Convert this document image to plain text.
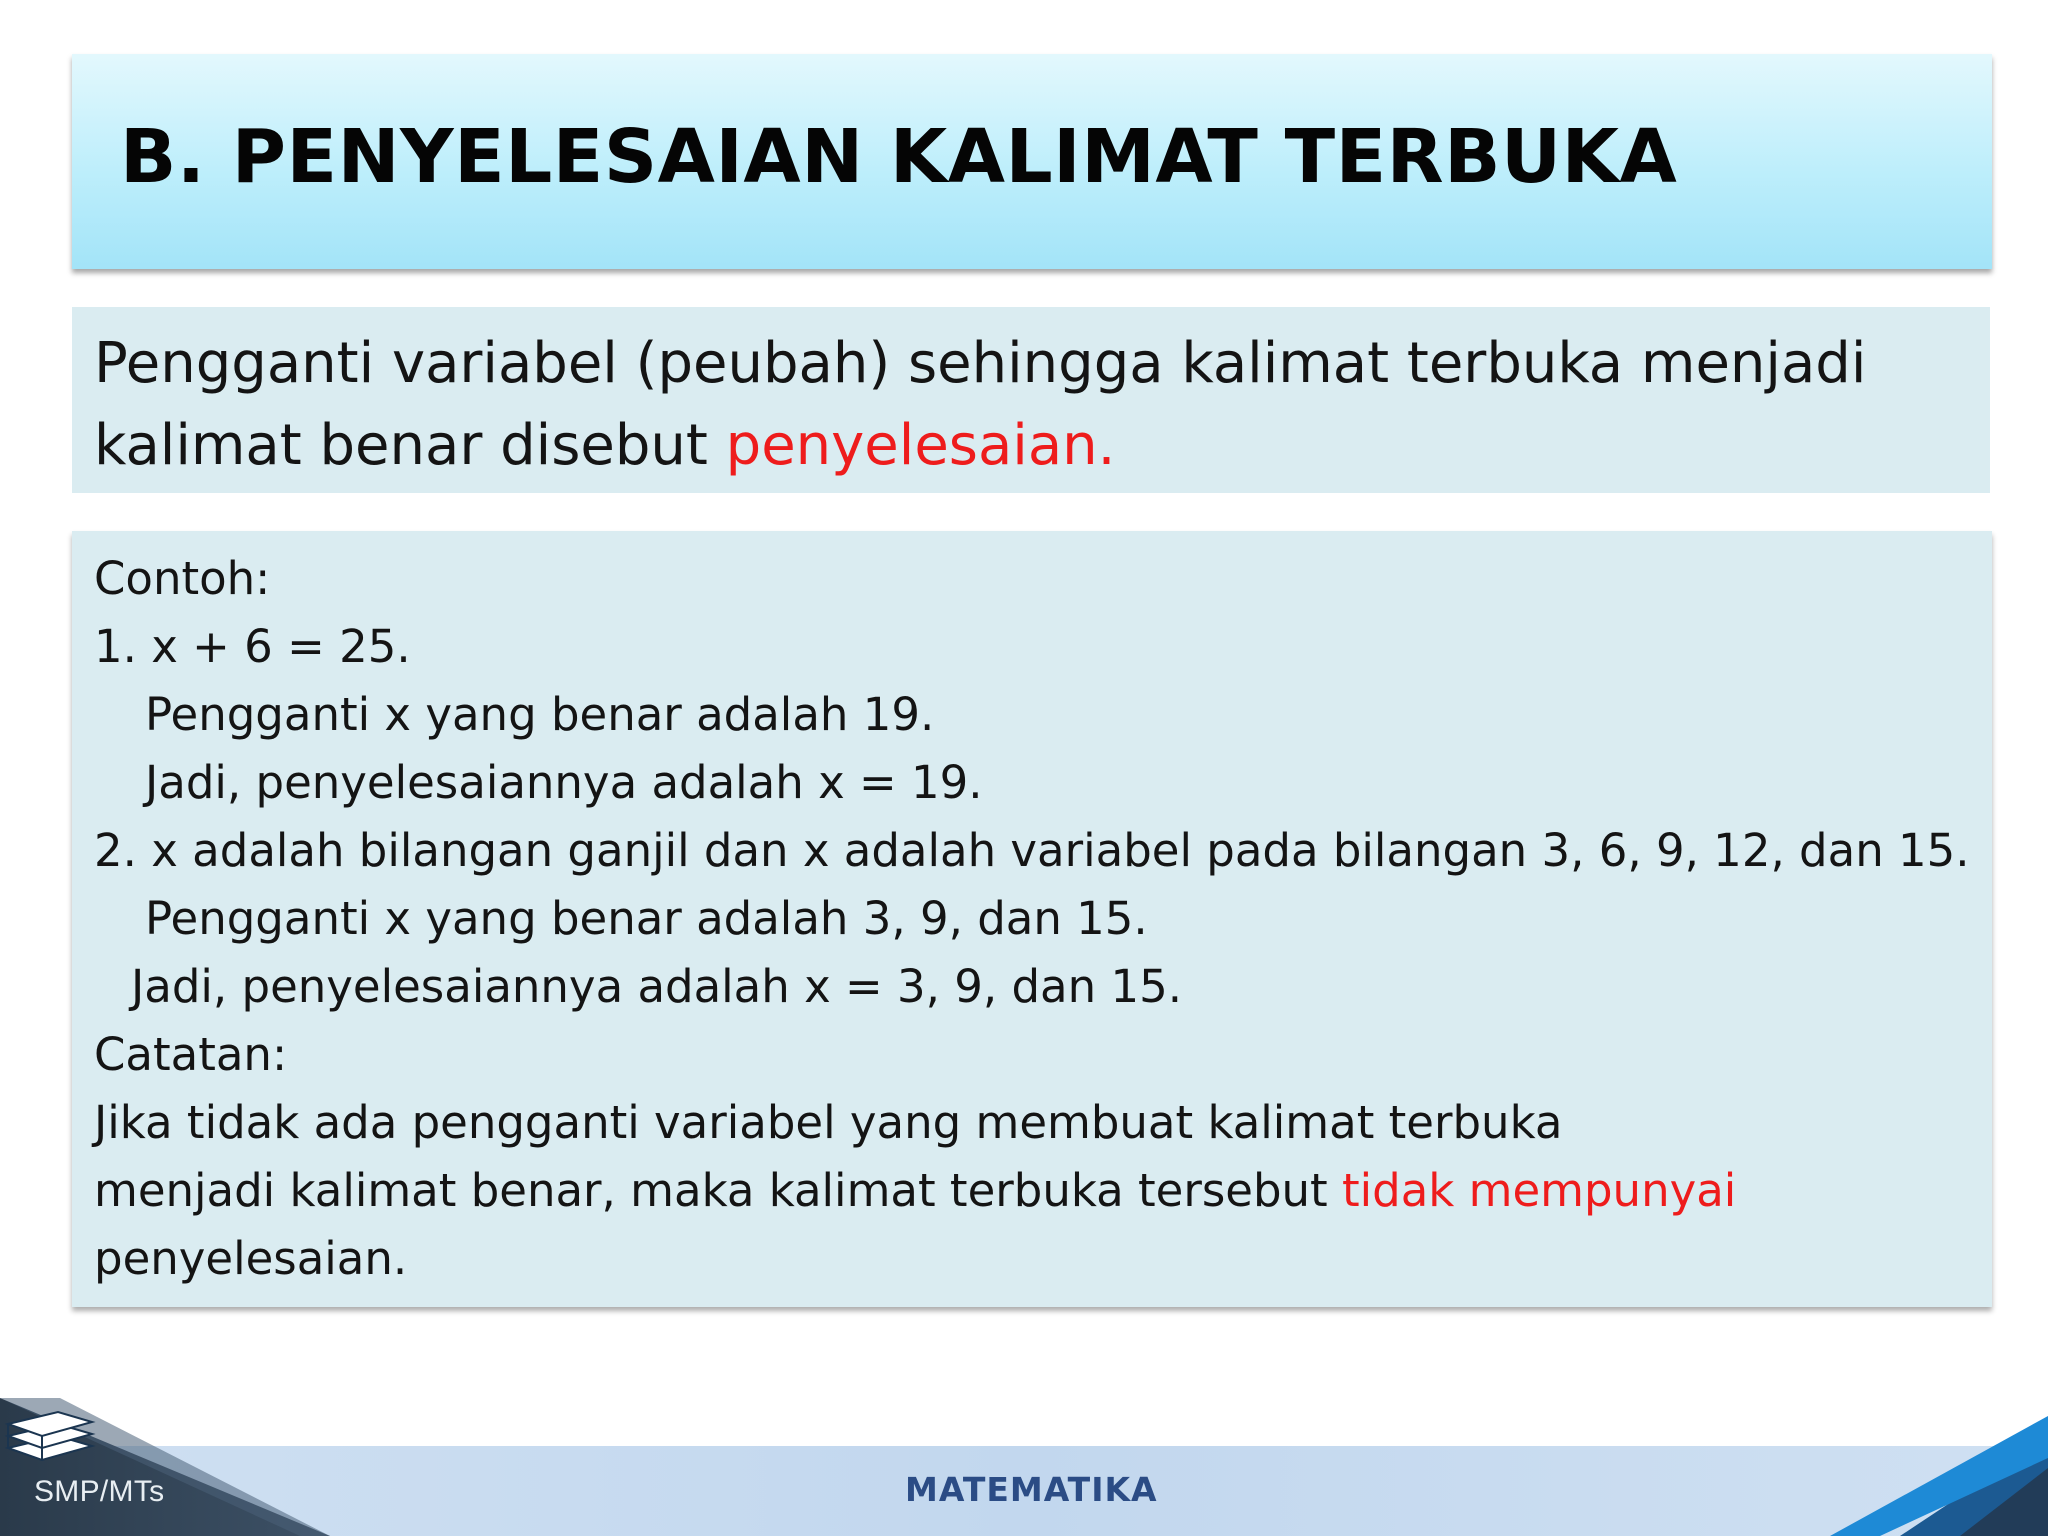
B. PENYELESAIAN KALIMAT TERBUKA

Pengganti variabel (peubah) sehingga kalimat terbuka menjadi

kalimat benar disebut penyelesaian.

Contoh:
1. x + 6 = 25.
Pengganti x yang benar adalah 19.
Jadi, penyelesaiannya adalah x = 19.
2. x adalah bilangan ganjil dan x adalah variabel pada bilangan 3, 6, 9, 12, dan 15.
Pengganti x yang benar adalah 3, 9, dan 15.
Jadi, penyelesaiannya adalah x = 3, 9, dan 15.
Catatan:
Jika tidak ada pengganti variabel yang membuat kalimat terbuka
menjadi kalimat benar, maka kalimat terbuka tersebut tidak mempunyai
penyelesaian.
SMP/MTs	MATEMATIKA
